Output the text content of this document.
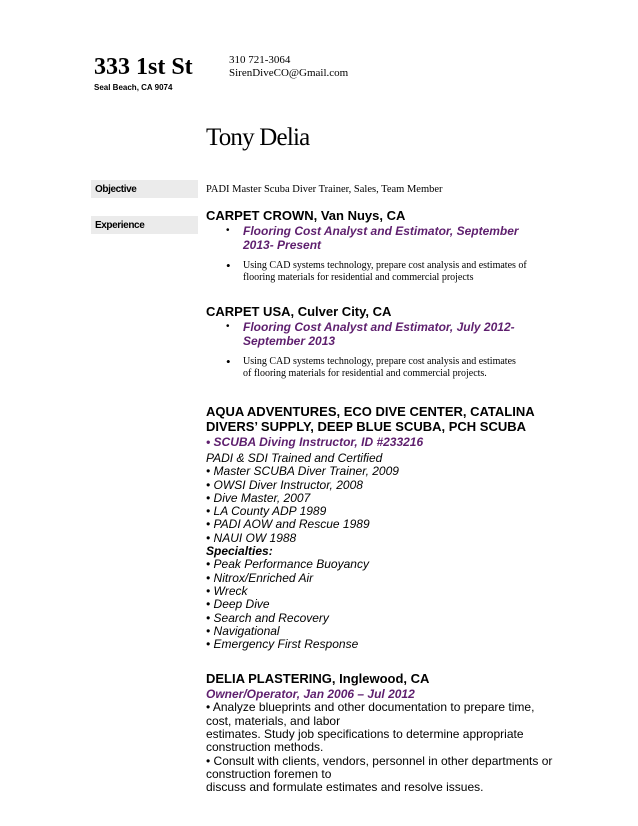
333 1st St
Seal Beach, CA 9074
310 721-3064
SirenDiveCO@Gmail.com
Tony Delia
Objective
Experience
PADI Master Scuba Diver Trainer, Sales, Team Member
CARPET CROWN, Van Nuys, CA
•	Flooring Cost Analyst and Estimator, September
2013- Present
•	Using CAD systems technology, prepare cost analysis and estimates of
flooring materials for residential and commercial projects
CARPET USA, Culver City, CA
•	Flooring Cost Analyst and Estimator, July 2012-
September 2013
•	Using CAD systems technology, prepare cost analysis and estimates
of flooring materials for residential and commercial projects.
AQUA ADVENTURES, ECO DIVE CENTER, CATALINA
DIVERS’ SUPPLY, DEEP BLUE SCUBA, PCH SCUBA
• SCUBA Diving Instructor, ID #233216
PADI & SDI Trained and Certified
• Master SCUBA Diver Trainer, 2009
• OWSI Diver Instructor, 2008
• Dive Master, 2007
• LA County ADP 1989
• PADI AOW and Rescue 1989
• NAUI OW 1988
Specialties:
• Peak Performance Buoyancy
• Nitrox/Enriched Air
• Wreck
• Deep Dive
• Search and Recovery
• Navigational
• Emergency First Response
DELIA PLASTERING, Inglewood, CA
Owner/Operator, Jan 2006 – Jul 2012
• Analyze blueprints and other documentation to prepare time,
cost, materials, and labor
estimates. Study job specifications to determine appropriate
construction methods.
• Consult with clients, vendors, personnel in other departments or
construction foremen to
discuss and formulate estimates and resolve issues.
